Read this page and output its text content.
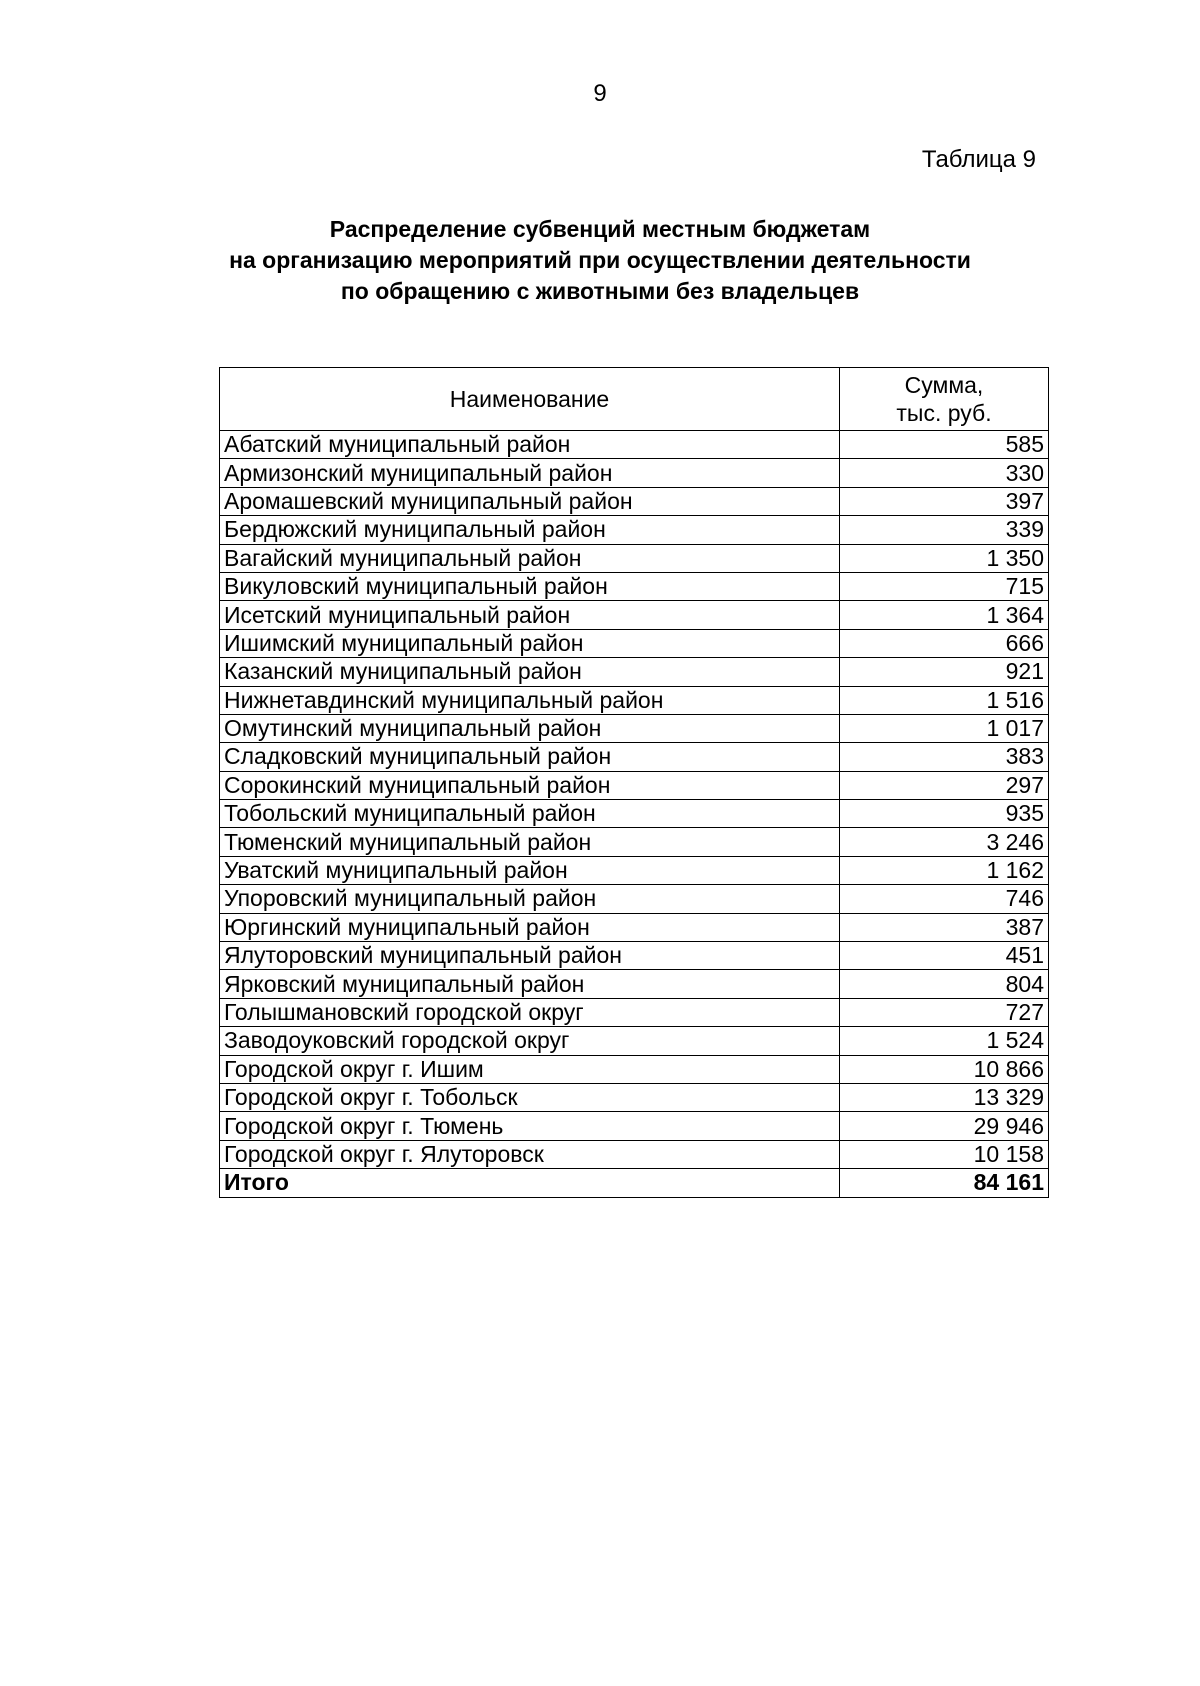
9
Таблица 9
Распределение субвенций местным бюджетам
на организацию мероприятий при осуществлении деятельности
по обращению с животными без владельцев
Наименование	Сумма,
тыс. руб.

Абатский муниципальный район	585
Армизонский муниципальный район	330
Аромашевский муниципальный район	397
Бердюжский муниципальный район	339
Вагайский муниципальный район	1 350
Викуловский муниципальный район	715
Исетский муниципальный район	1 364
Ишимский муниципальный район	666
Казанский муниципальный район	921
Нижнетавдинский муниципальный район	1 516
Омутинский муниципальный район	1 017
Сладковский муниципальный район	383
Сорокинский муниципальный район	297
Тобольский муниципальный район	935
Тюменский муниципальный район	3 246
Уватский муниципальный район	1 162
Упоровский муниципальный район	746
Юргинский муниципальный район	387
Ялуторовский муниципальный район	451
Ярковский муниципальный район	804
Голышмановский городской округ	727
Заводоуковский городской округ	1 524
Городской округ г. Ишим	10 866
Городской округ г. Тобольск	13 329
Городской округ г. Тюмень	29 946
Городской округ г. Ялуторовск	10 158
Итого	84 161
